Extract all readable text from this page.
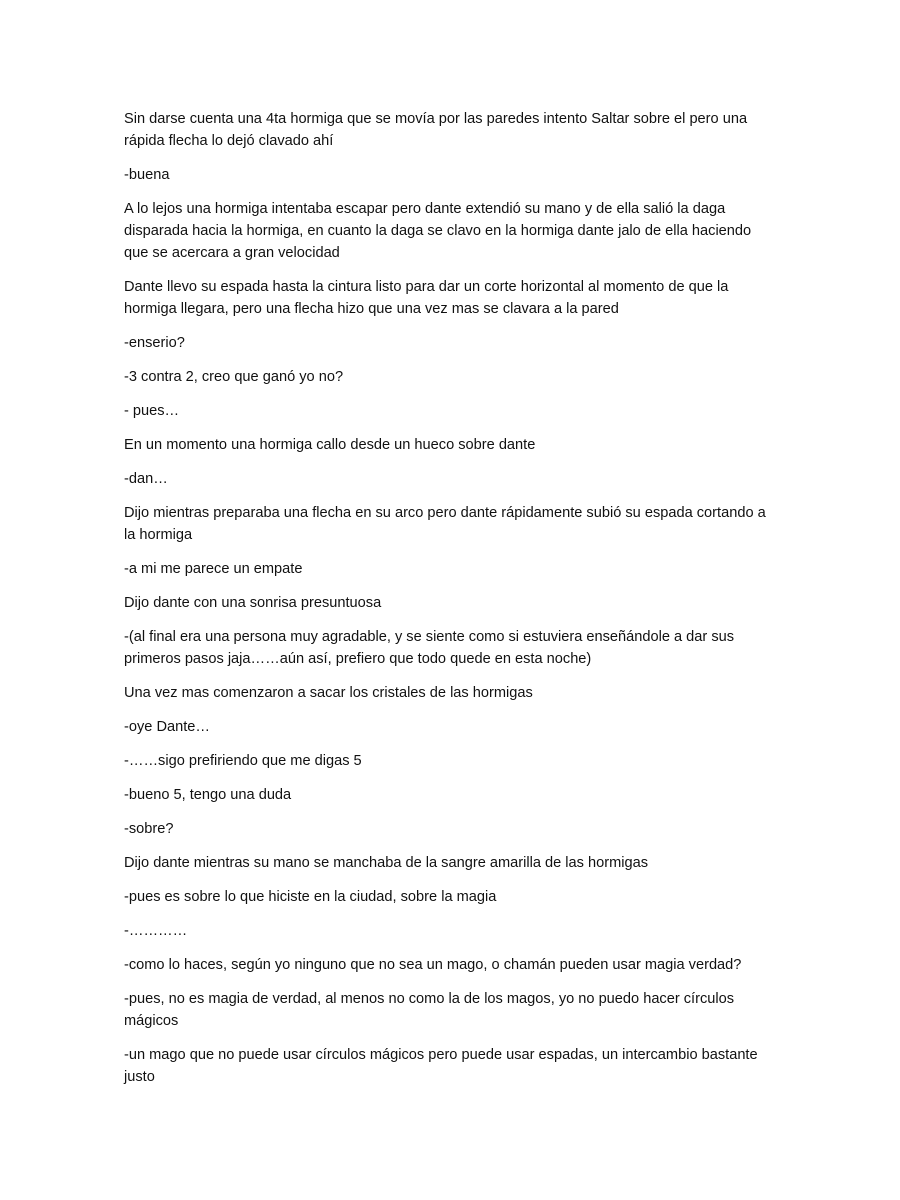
Sin darse cuenta una 4ta hormiga que se movía por las paredes intento Saltar sobre el pero una rápida flecha lo dejó clavado ahí

-buena

A lo lejos una hormiga intentaba escapar pero dante extendió su mano y de ella salió la daga disparada hacia la hormiga, en cuanto la daga se clavo en la hormiga dante jalo de ella haciendo que se acercara a gran velocidad

Dante llevo su espada hasta la cintura listo para dar un corte horizontal al momento de que la hormiga llegara, pero una flecha hizo que una vez mas se clavara a la pared

-enserio?

-3 contra 2, creo que ganó yo no?

- pues…

En un momento una hormiga callo desde un hueco sobre dante

-dan…

Dijo mientras preparaba una flecha en su arco pero dante rápidamente subió su espada cortando a la hormiga

-a mi me parece un empate

Dijo dante con una sonrisa presuntuosa

-(al final era una persona muy agradable, y se siente como si estuviera enseñándole a dar sus primeros pasos jaja……aún así, prefiero que todo quede en esta noche)

Una vez mas comenzaron a sacar los cristales de las hormigas

-oye Dante…

-……sigo prefiriendo que me digas 5

-bueno 5, tengo una duda

-sobre?

Dijo dante mientras su mano se manchaba de la sangre amarilla de las hormigas

-pues es sobre lo que hiciste en la ciudad, sobre la magia

-…………

-como lo haces, según yo ninguno que no sea un mago, o chamán pueden usar magia verdad?

-pues, no es magia de verdad, al menos no como la de los magos, yo no puedo hacer círculos mágicos

-un mago que no puede usar círculos mágicos pero puede usar espadas, un intercambio bastante justo
